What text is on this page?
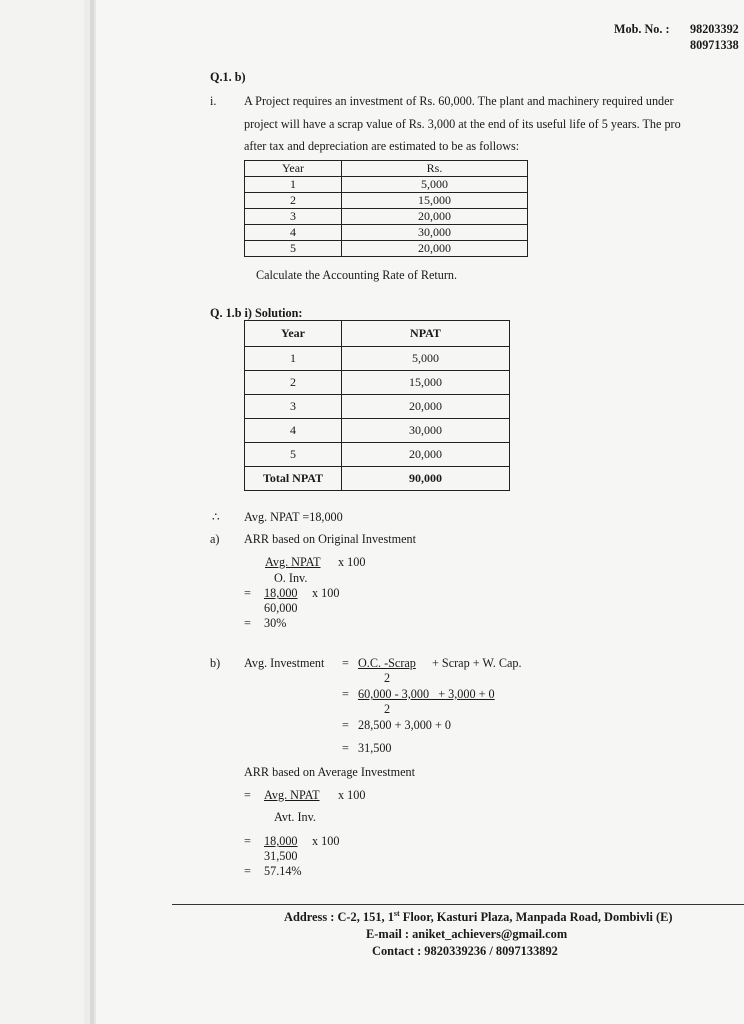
Mob. No. : 98203392
80971338
Q.1. b)
i. A Project requires an investment of Rs. 60,000. The plant and machinery required under
project will have a scrap value of Rs. 3,000 at the end of its useful life of 5 years. The pro
after tax and depreciation are estimated to be as follows:
Year	Rs.
1	5,000
2	15,000
3	20,000
4	30,000
5	20,000
Calculate the Accounting Rate of Return.
Q. 1.b i) Solution:
Year	NPAT
1	5,000
2	15,000
3	20,000
4	30,000
5	20,000
Total NPAT	90,000
∴ Avg. NPAT =18,000
a) ARR based on Original Investment
Avg. NPAT x 100
O. Inv.
= 18,000 x 100
60,000
= 30%
b) Avg. Investment = O.C. -Scrap + Scrap + W. Cap.
2
= 60,000 - 3,000   + 3,000 + 0
2
= 28,500 + 3,000 + 0
= 31,500
ARR based on Average Investment
= Avg. NPAT x 100
Avt. Inv.
= 18,000 x 100
31,500
= 57.14%
Address : C-2, 151, 1st Floor, Kasturi Plaza, Manpada Road, Dombivli (E)
E-mail : aniket_achievers@gmail.com
Contact : 9820339236 / 8097133892
